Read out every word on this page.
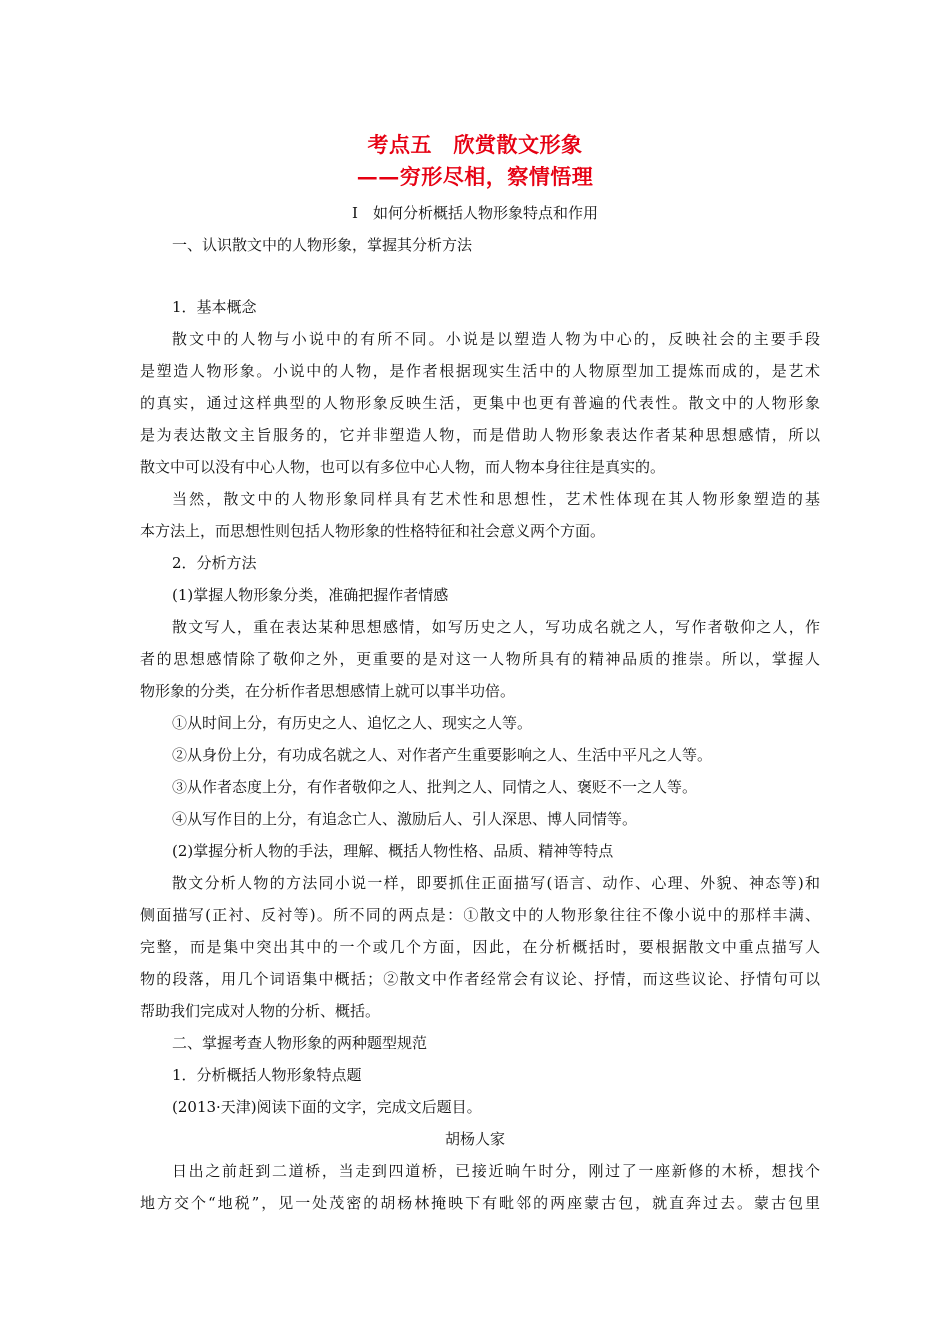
考点五　欣赏散文形象
——穷形尽相，察情悟理
Ⅰ　如何分析概括人物形象特点和作用
一、认识散文中的人物形象，掌握其分析方法
1．基本概念
散文中的人物与小说中的有所不同。小说是以塑造人物为中心的，反映社会的主要手段
是塑造人物形象。小说中的人物，是作者根据现实生活中的人物原型加工提炼而成的，是艺术
的真实，通过这样典型的人物形象反映生活，更集中也更有普遍的代表性。散文中的人物形象
是为表达散文主旨服务的，它并非塑造人物，而是借助人物形象表达作者某种思想感情，所以
散文中可以没有中心人物，也可以有多位中心人物，而人物本身往往是真实的。
当然，散文中的人物形象同样具有艺术性和思想性，艺术性体现在其人物形象塑造的基
本方法上，而思想性则包括人物形象的性格特征和社会意义两个方面。
2．分析方法
(1)掌握人物形象分类，准确把握作者情感
散文写人，重在表达某种思想感情，如写历史之人，写功成名就之人，写作者敬仰之人，作
者的思想感情除了敬仰之外，更重要的是对这一人物所具有的精神品质的推崇。所以，掌握人
物形象的分类，在分析作者思想感情上就可以事半功倍。
①从时间上分，有历史之人、追忆之人、现实之人等。
②从身份上分，有功成名就之人、对作者产生重要影响之人、生活中平凡之人等。
③从作者态度上分，有作者敬仰之人、批判之人、同情之人、褒贬不一之人等。
④从写作目的上分，有追念亡人、激励后人、引人深思、博人同情等。
(2)掌握分析人物的手法，理解、概括人物性格、品质、精神等特点
散文分析人物的方法同小说一样，即要抓住正面描写(语言、动作、心理、外貌、神态等)和
侧面描写(正衬、反衬等)。所不同的两点是：①散文中的人物形象往往不像小说中的那样丰满、
完整，而是集中突出其中的一个或几个方面，因此，在分析概括时，要根据散文中重点描写人
物的段落，用几个词语集中概括；②散文中作者经常会有议论、抒情，而这些议论、抒情句可以
帮助我们完成对人物的分析、概括。
二、掌握考查人物形象的两种题型规范
1．分析概括人物形象特点题
(2013·天津)阅读下面的文字，完成文后题目。
胡杨人家
日出之前赶到二道桥，当走到四道桥，已接近晌午时分，刚过了一座新修的木桥，想找个
地方交个“地税”，见一处茂密的胡杨林掩映下有毗邻的两座蒙古包，就直奔过去。蒙古包里
